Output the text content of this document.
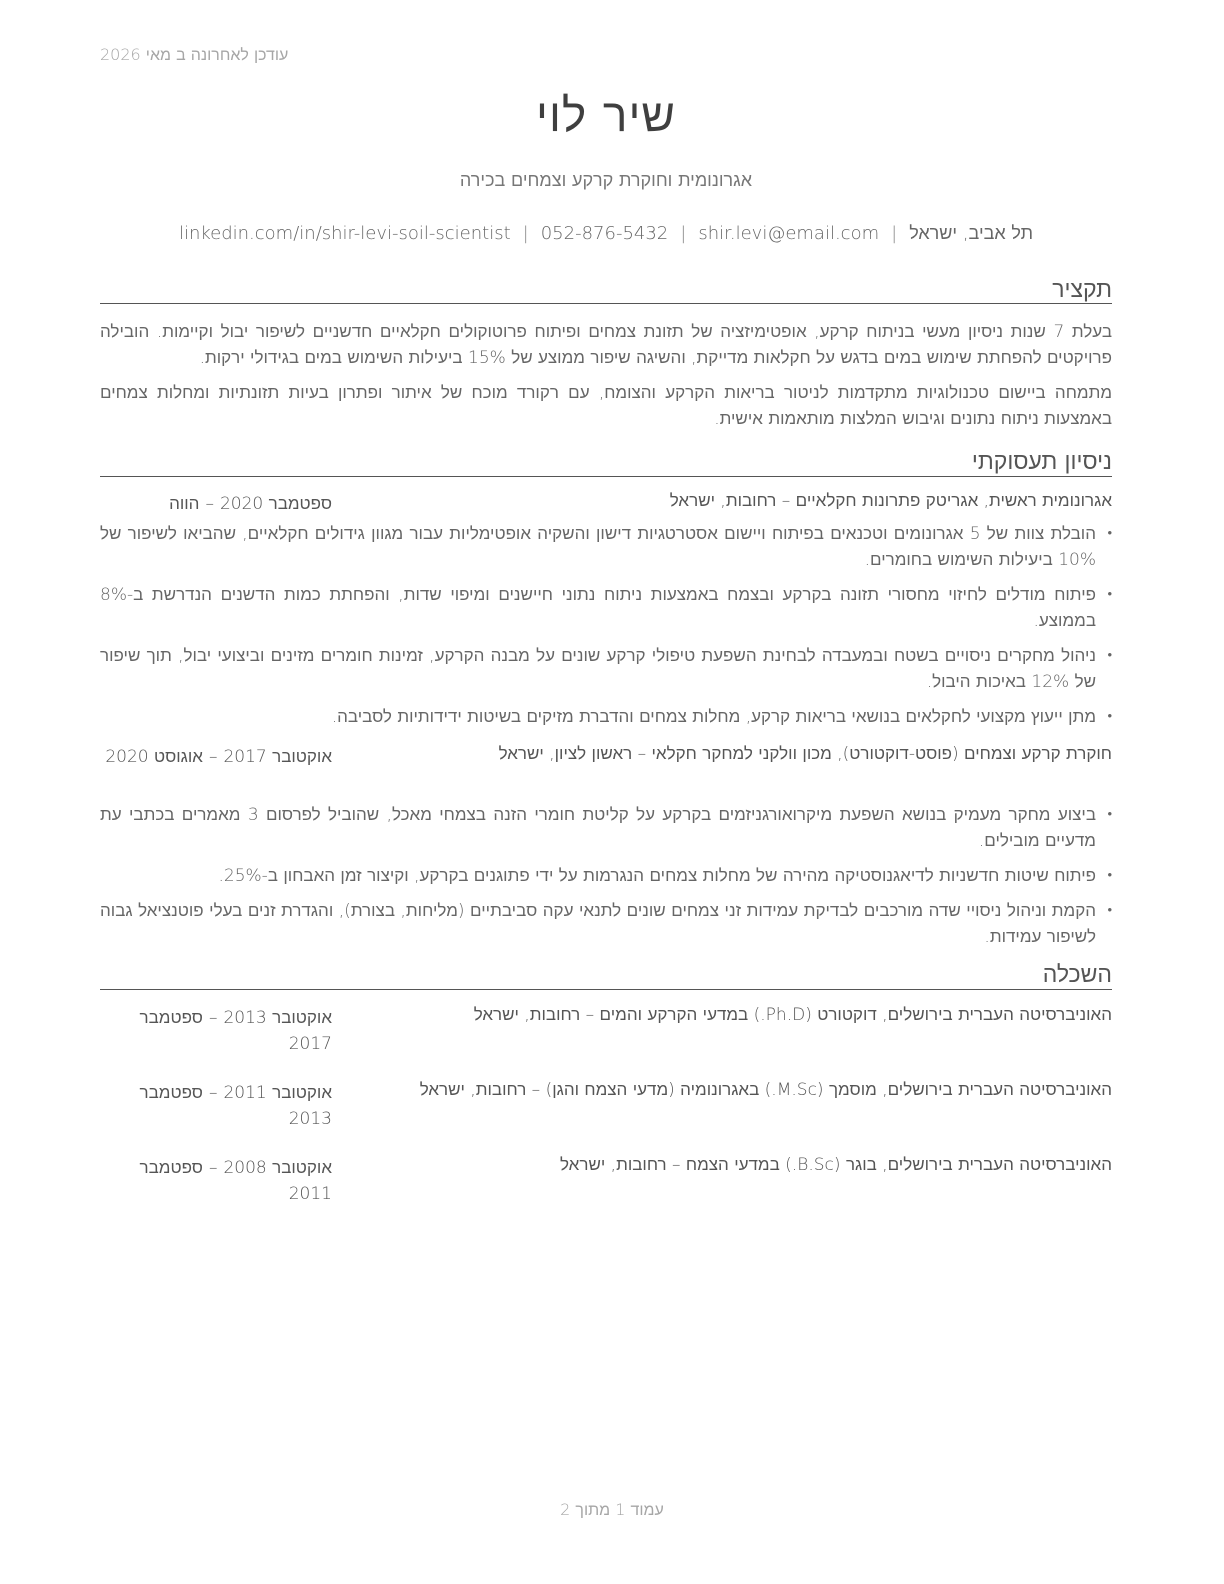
עודכן לאחרונה ב מאי 2026
שיר לוי
אגרונומית וחוקרת קרקע וצמחים בכירה
תל אביב, ישראל|shir.levi@email.com|052-876-5432|linkedin.com/in/shir-levi-soil-scientist
תקציר
בעלת 7 שנות ניסיון מעשי בניתוח קרקע, אופטימיזציה של תזונת צמחים ופיתוח פרוטוקולים חקלאיים חדשניים לשיפור יבול וקיימות. הובילה פרויקטים להפחתת שימוש במים בדגש על חקלאות מדייקת, והשיגה שיפור ממוצע של 15% ביעילות השימוש במים בגידולי ירקות.
מתמחה ביישום טכנולוגיות מתקדמות לניטור בריאות הקרקע והצומח, עם רקורד מוכח של איתור ופתרון בעיות תזונתיות ומחלות צמחים באמצעות ניתוח נתונים וגיבוש המלצות מותאמות אישית.
ניסיון תעסוקתי
אגרונומית ראשית, אגריטק פתרונות חקלאיים – רחובות, ישראל
ספטמבר 2020–הווה
• הובלת צוות של 5 אגרונומים וטכנאים בפיתוח ויישום אסטרטגיות דישון והשקיה אופטימליות עבור מגוון גידולים חקלאיים, שהביאו לשיפור של 10% ביעילות השימוש בחומרים.
• פיתוח מודלים לחיזוי מחסורי תזונה בקרקע ובצמח באמצעות ניתוח נתוני חיישנים ומיפוי שדות, והפחתת כמות הדשנים הנדרשת ב-8% בממוצע.
• ניהול מחקרים ניסויים בשטח ובמעבדה לבחינת השפעת טיפולי קרקע שונים על מבנה הקרקע, זמינות חומרים מזינים וביצועי יבול, תוך שיפור של 12% באיכות היבול.
• מתן ייעוץ מקצועי לחקלאים בנושאי בריאות קרקע, מחלות צמחים והדברת מזיקים בשיטות ידידותיות לסביבה.
חוקרת קרקע וצמחים (פוסט-דוקטורט), מכון וולקני למחקר חקלאי – ראשון לציון, ישראל
אוקטובר 2017–אוגוסט 2020
• ביצוע מחקר מעמיק בנושא השפעת מיקרואורגניזמים בקרקע על קליטת חומרי הזנה בצמחי מאכל, שהוביל לפרסום 3 מאמרים בכתבי עת מדעיים מובילים.
• פיתוח שיטות חדשניות לדיאגנוסטיקה מהירה של מחלות צמחים הנגרמות על ידי פתוגנים בקרקע, וקיצור זמן האבחון ב-25%.
• הקמת וניהול ניסויי שדה מורכבים לבדיקת עמידות זני צמחים שונים לתנאי עקה סביבתיים (מליחות, בצורת), והגדרת זנים בעלי פוטנציאל גבוה לשיפור עמידות.
השכלה
האוניברסיטה העברית בירושלים, דוקטורט (Ph.D.) במדעי הקרקע והמים – רחובות, ישראל
אוקטובר 2013–ספטמבר 2017
האוניברסיטה העברית בירושלים, מוסמך (M.Sc.) באגרונומיה (מדעי הצמח והגן) – רחובות, ישראל
אוקטובר 2011–ספטמבר 2013
האוניברסיטה העברית בירושלים, בוגר (B.Sc.) במדעי הצמח – רחובות, ישראל
אוקטובר 2008–ספטמבר 2011
עמוד 1 מתוך 2
